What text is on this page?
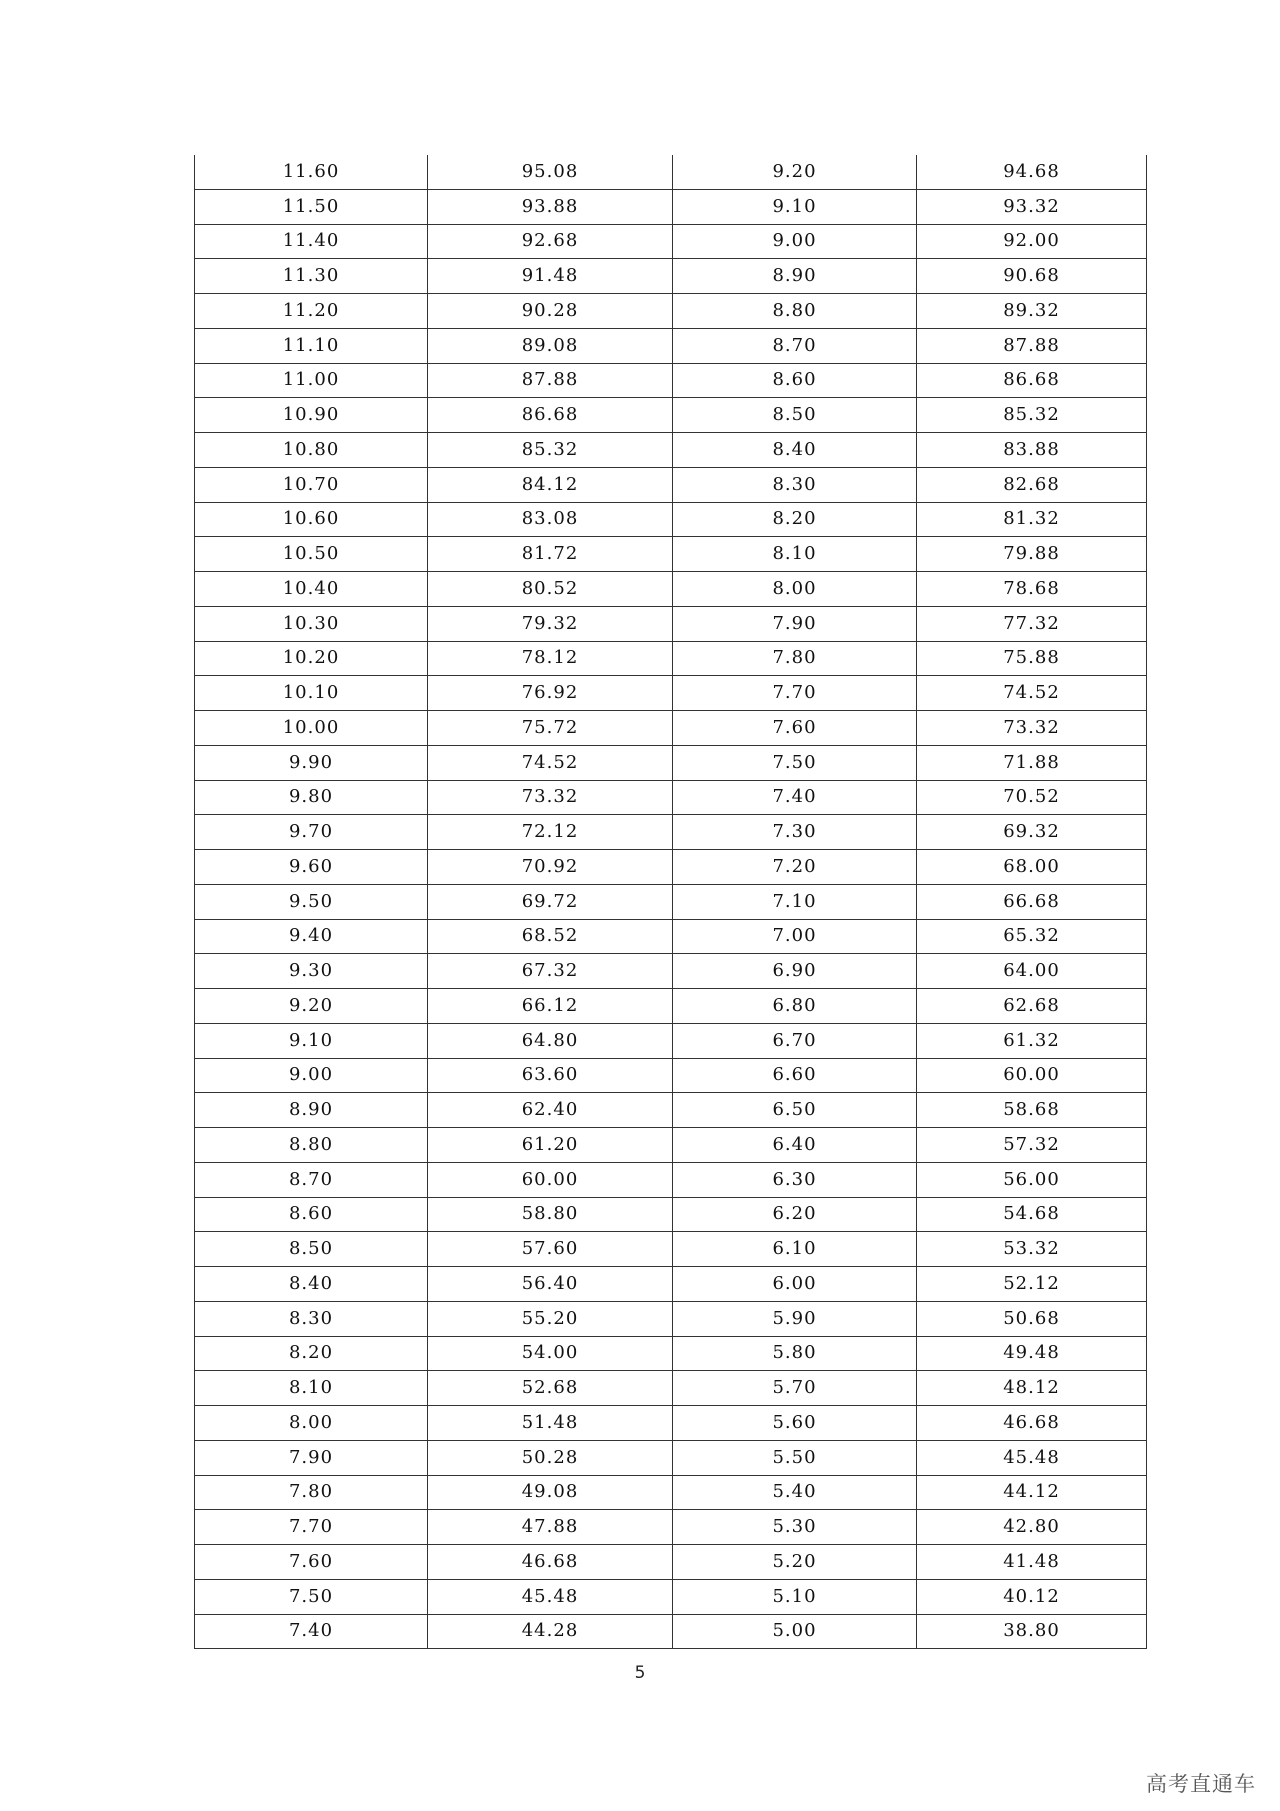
11.60	95.08	9.20	94.68
11.50	93.88	9.10	93.32
11.40	92.68	9.00	92.00
11.30	91.48	8.90	90.68
11.20	90.28	8.80	89.32
11.10	89.08	8.70	87.88
11.00	87.88	8.60	86.68
10.90	86.68	8.50	85.32
10.80	85.32	8.40	83.88
10.70	84.12	8.30	82.68
10.60	83.08	8.20	81.32
10.50	81.72	8.10	79.88
10.40	80.52	8.00	78.68
10.30	79.32	7.90	77.32
10.20	78.12	7.80	75.88
10.10	76.92	7.70	74.52
10.00	75.72	7.60	73.32
9.90	74.52	7.50	71.88
9.80	73.32	7.40	70.52
9.70	72.12	7.30	69.32
9.60	70.92	7.20	68.00
9.50	69.72	7.10	66.68
9.40	68.52	7.00	65.32
9.30	67.32	6.90	64.00
9.20	66.12	6.80	62.68
9.10	64.80	6.70	61.32
9.00	63.60	6.60	60.00
8.90	62.40	6.50	58.68
8.80	61.20	6.40	57.32
8.70	60.00	6.30	56.00
8.60	58.80	6.20	54.68
8.50	57.60	6.10	53.32
8.40	56.40	6.00	52.12
8.30	55.20	5.90	50.68
8.20	54.00	5.80	49.48
8.10	52.68	5.70	48.12
8.00	51.48	5.60	46.68
7.90	50.28	5.50	45.48
7.80	49.08	5.40	44.12
7.70	47.88	5.30	42.80
7.60	46.68	5.20	41.48
7.50	45.48	5.10	40.12
7.40	44.28	5.00	38.80
5
高考直通车
